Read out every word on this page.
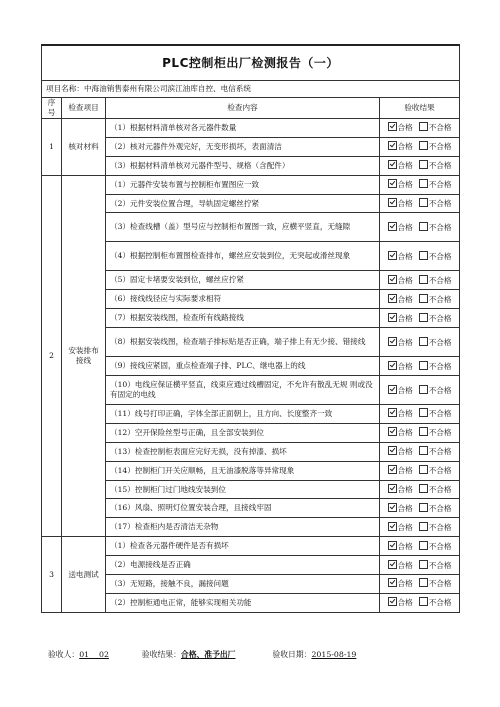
PLC控制柜出厂检测报告（一）			
项目名称：中海油销售泰州有限公司滨江油库自控、电信系统			
序号	检查项目	检查内容	验收结果
1	核对材料	（1）根据材料清单核对各元器件数量	合格 不合格
		（2）核对元器件外观完好，无变形损坏，表面清洁	合格 不合格
		（3）根据材料清单核对元器件型号、规格（含配件）	合格 不合格
2	安装排布接线	（1）元器件安装布置与控制柜布置图应一致	合格 不合格
		（2）元件安装位置合理，导轨固定螺丝拧紧	合格 不合格
		（3）检查线槽（盖）型号应与控制柜布置图一致，应横平竖直，无缝隙	合格 不合格
		（4）根据控制柜布置图检查排布，螺丝应安装到位，无突起或滑丝现象	合格 不合格
		（5）固定卡堵要安装到位，螺丝应拧紧	合格 不合格
		（6）接线线径应与实际要求相符	合格 不合格
		（7）根据安装线图，检查所有线路接线	合格 不合格
		（8）根据安装线图，检查端子排标贴是否正确，端子排上有无少接、错接线	合格 不合格
		（9）接线应紧固，重点检查端子排、PLC、继电器上的线	合格 不合格
		（10）电线应保证横平竖直，线束应通过线槽固定，不允许有散乱无规 则或没有固定的电线	合格 不合格
		（11）线号打印正确，字体全部正面朝上，且方向、长度整齐一致	合格 不合格
		（12）空开保险丝型号正确，且全部安装到位	合格 不合格
		（13）检查控制柜表面应完好无损，没有掉漆、损坏	合格 不合格
		（14）控制柜门开关应顺畅，且无油漆脱落等异常现象	合格 不合格
		（15）控制柜门过门地线安装到位	合格 不合格
		（16）风扇、照明灯位置安装合理，且接线牢固	合格 不合格
		（17）检查柜内是否清洁无杂物	合格 不合格
3	送电测试	（1）检查各元器件硬件是否有损坏	合格 不合格
		（2）电源接线是否正确	合格 不合格
		（3）无短路，接触不良，漏接问题	合格 不合格
		（2）控制柜通电正常，能够实现相关功能	合格 不合格
验收人：01    02	验收结果：合格、准予出厂	验收日期：2015-08-19
